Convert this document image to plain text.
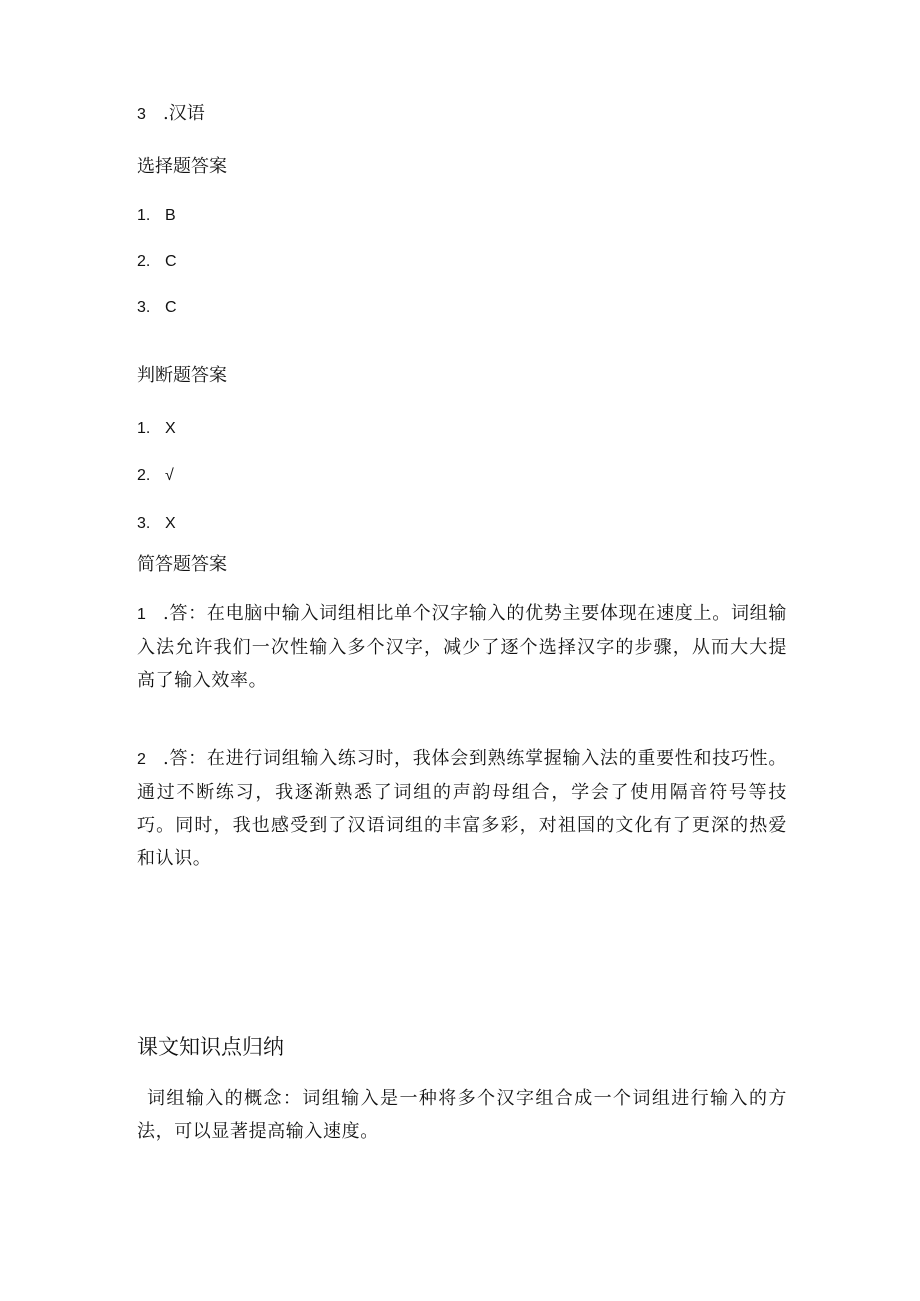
3 .汉语
选择题答案
1. B
2. C
3. C
判断题答案
1. X
2. √
3. X
简答题答案
1 .答：在电脑中输入词组相比单个汉字输入的优势主要体现在速度上。词组输入法允许我们一次性输入多个汉字，减少了逐个选择汉字的步骤，从而大大提高了输入效率。
2 .答：在进行词组输入练习时，我体会到熟练掌握输入法的重要性和技巧性。通过不断练习，我逐渐熟悉了词组的声韵母组合，学会了使用隔音符号等技巧。同时，我也感受到了汉语词组的丰富多彩，对祖国的文化有了更深的热爱和认识。
课文知识点归纳
词组输入的概念：词组输入是一种将多个汉字组合成一个词组进行输入的方法，可以显著提高输入速度。
